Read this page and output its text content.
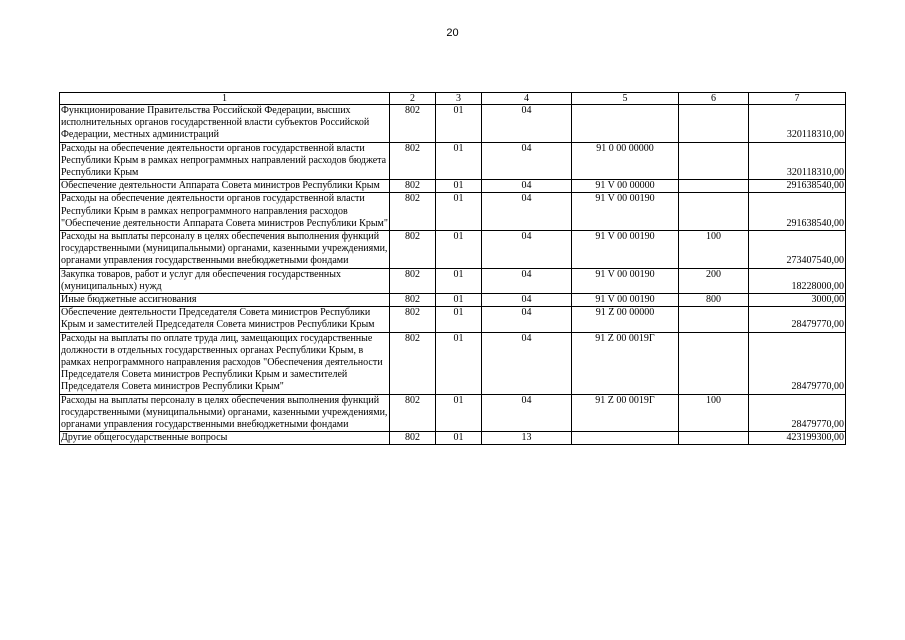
20
1	2	3	4	5	6	7
Функционирование Правительства Российской Федерации, высших исполнительных органов государственной власти субъектов Российской Федерации, местных администраций	802	01	04			320118310,00
Расходы на обеспечение деятельности органов государственной власти Республики Крым в рамках непрограммных направлений расходов бюджета Республики Крым	802	01	04	91 0 00 00000		320118310,00
Обеспечение деятельности Аппарата Совета министров Республики Крым	802	01	04	91 V 00 00000		291638540,00
Расходы на обеспечение деятельности органов государственной власти Республики Крым в рамках непрограммного направления расходов "Обеспечение деятельности Аппарата Совета министров Республики Крым"	802	01	04	91 V 00 00190		291638540,00
Расходы на выплаты персоналу в целях обеспечения выполнения функций государственными (муниципальными) органами, казенными учреждениями, органами управления государственными внебюджетными фондами	802	01	04	91 V 00 00190	100	273407540,00
Закупка товаров, работ и услуг для обеспечения государственных (муниципальных) нужд	802	01	04	91 V 00 00190	200	18228000,00
Иные бюджетные ассигнования	802	01	04	91 V 00 00190	800	3000,00
Обеспечение деятельности Председателя Совета министров Республики Крым и заместителей Председателя Совета министров Республики Крым	802	01	04	91 Z 00 00000		28479770,00
Расходы на выплаты по оплате труда лиц, замещающих государственные должности в отдельных государственных органах Республики Крым, в рамках непрограммного направления расходов "Обеспечения деятельности Председателя Совета министров Республики Крым и заместителей Председателя Совета министров Республики Крым"	802	01	04	91 Z 00 0019Г		28479770,00
Расходы на выплаты персоналу в целях обеспечения выполнения функций государственными (муниципальными) органами, казенными учреждениями, органами управления государственными внебюджетными фондами	802	01	04	91 Z 00 0019Г	100	28479770,00
Другие общегосударственные вопросы	802	01	13			423199300,00
